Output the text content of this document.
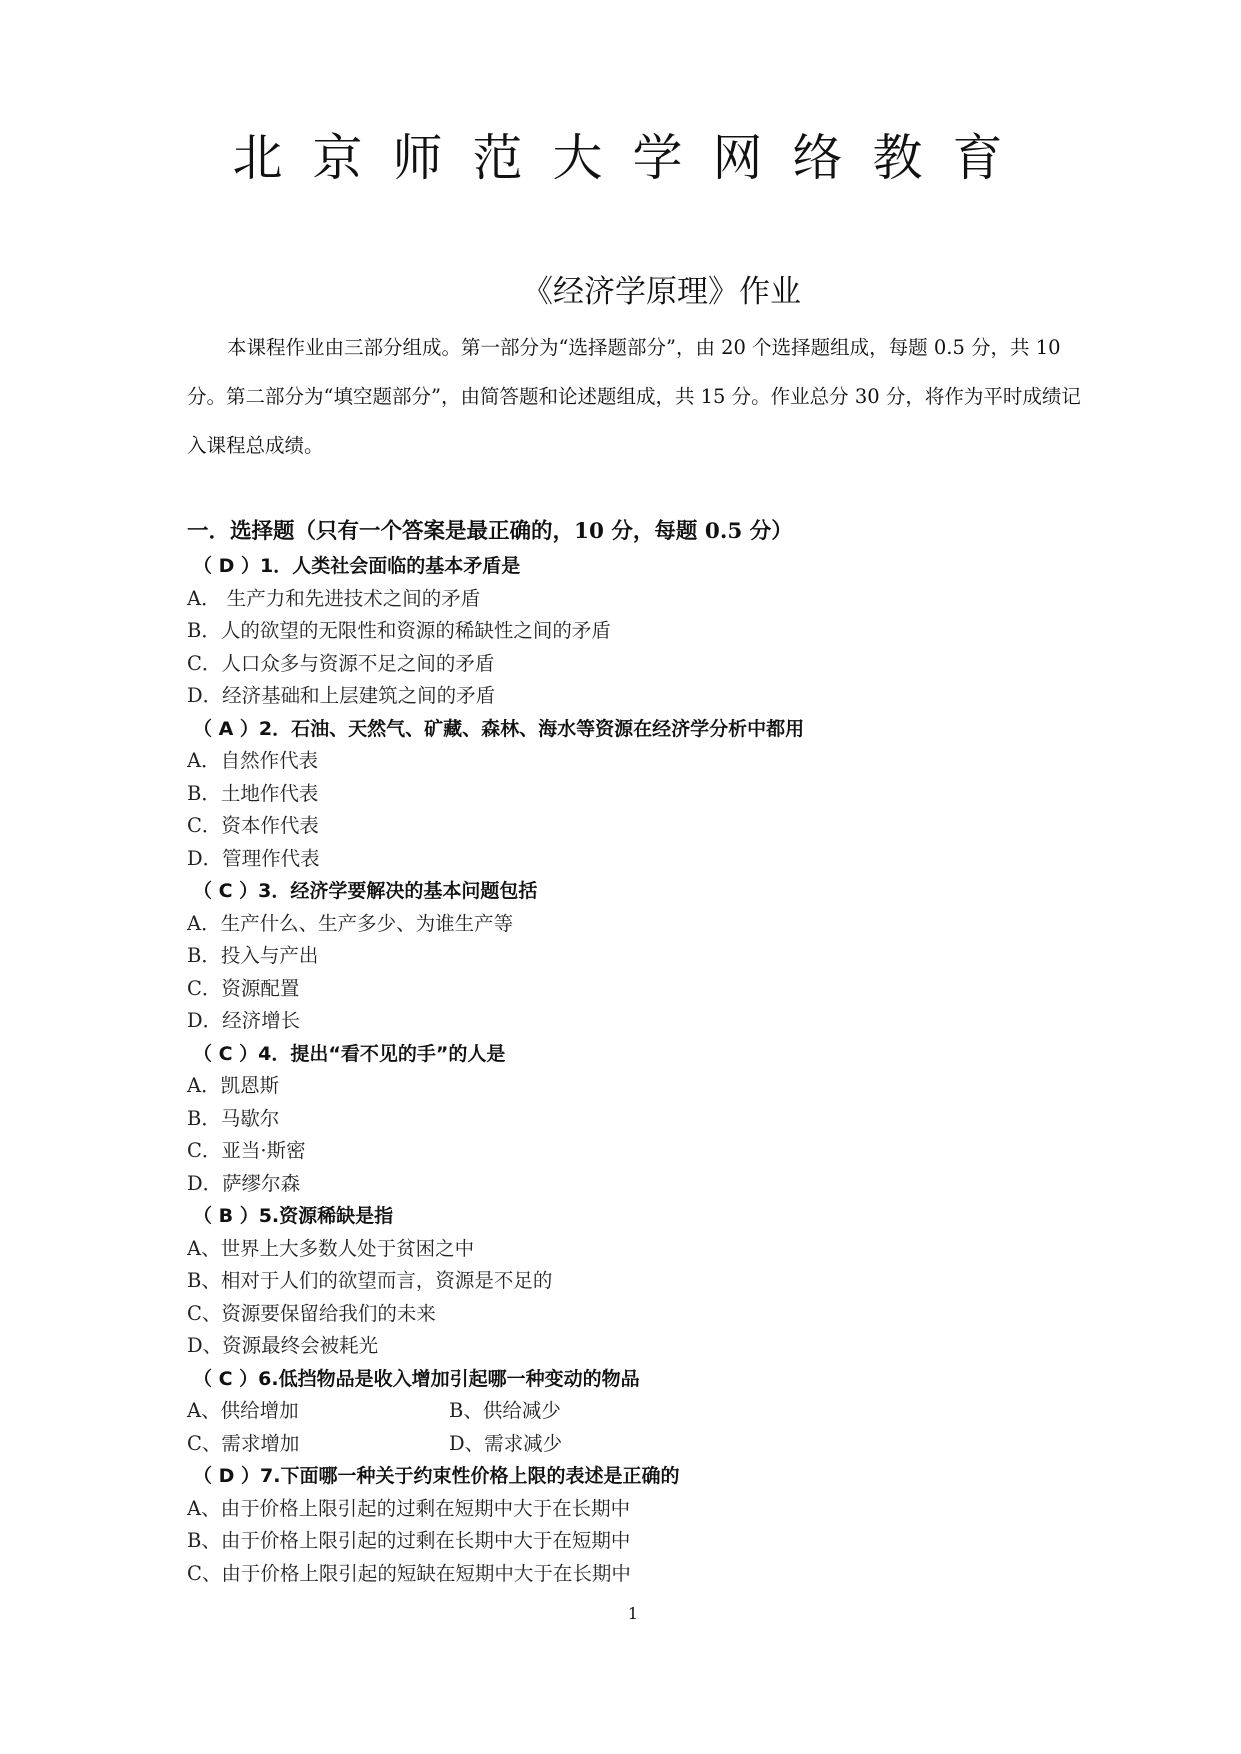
北京师范大学网络教育
《经济学原理》作业

本课程作业由三部分组成。第一部分为“选择题部分”，由 20 个选择题组成，每题 0.5 分，共 10 分。第二部分为“填空题部分”，由简答题和论述题组成，共 15 分。作业总分 30 分，将作为平时成绩记入课程总成绩。

一．选择题（只有一个答案是最正确的，10 分，每题 0.5 分）
（ D ）1．人类社会面临的基本矛盾是
A． 生产力和先进技术之间的矛盾
B．人的欲望的无限性和资源的稀缺性之间的矛盾
C．人口众多与资源不足之间的矛盾
D．经济基础和上层建筑之间的矛盾
（ A ）2．石油、天然气、矿藏、森林、海水等资源在经济学分析中都用
A．自然作代表
B．土地作代表
C．资本作代表
D．管理作代表
（ C ）3．经济学要解决的基本问题包括
A．生产什么、生产多少、为谁生产等
B．投入与产出
C．资源配置
D．经济增长
（ C ）4．提出“看不见的手”的人是
A．凯恩斯
B．马歇尔
C．亚当·斯密
D．萨缪尔森
（ B ）5.资源稀缺是指
A、世界上大多数人处于贫困之中
B、相对于人们的欲望而言，资源是不足的
C、资源要保留给我们的未来
D、资源最终会被耗光
（ C ）6.低挡物品是收入增加引起哪一种变动的物品
A、供给增加	B、供给减少
C、需求增加	D、需求减少
（ D ）7.下面哪一种关于约束性价格上限的表述是正确的
A、由于价格上限引起的过剩在短期中大于在长期中
B、由于价格上限引起的过剩在长期中大于在短期中
C、由于价格上限引起的短缺在短期中大于在长期中
1
